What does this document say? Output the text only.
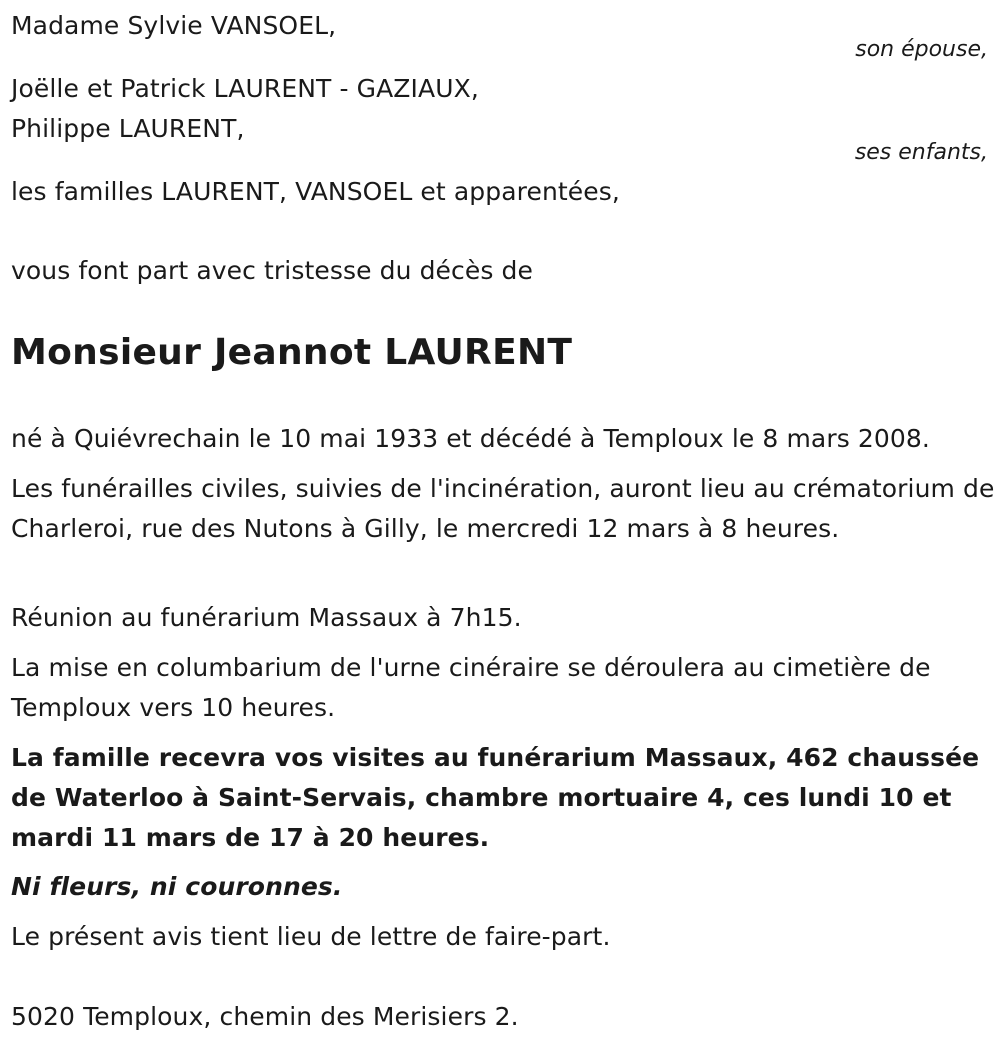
Madame Sylvie VANSOEL,
son épouse,
Joëlle et Patrick LAURENT - GAZIAUX,
Philippe LAURENT,
ses enfants,
les familles LAURENT, VANSOEL et apparentées,
vous font part avec tristesse du décès de
Monsieur Jeannot LAURENT
né à Quiévrechain le 10 mai 1933 et décédé à Temploux le 8 mars 2008.
Les funérailles civiles, suivies de l'incinération, auront lieu au crématorium de Charleroi, rue des Nutons à Gilly, le mercredi 12 mars à 8 heures.
Réunion au funérarium Massaux à 7h15.
La mise en columbarium de l'urne cinéraire se déroulera au cimetière de Temploux vers 10 heures.
La famille recevra vos visites au funérarium Massaux, 462 chaussée de Waterloo à Saint-Servais, chambre mortuaire 4, ces lundi 10 et mardi 11 mars de 17 à 20 heures.
Ni fleurs, ni couronnes.
Le présent avis tient lieu de lettre de faire-part.
5020 Temploux, chemin des Merisiers 2.
